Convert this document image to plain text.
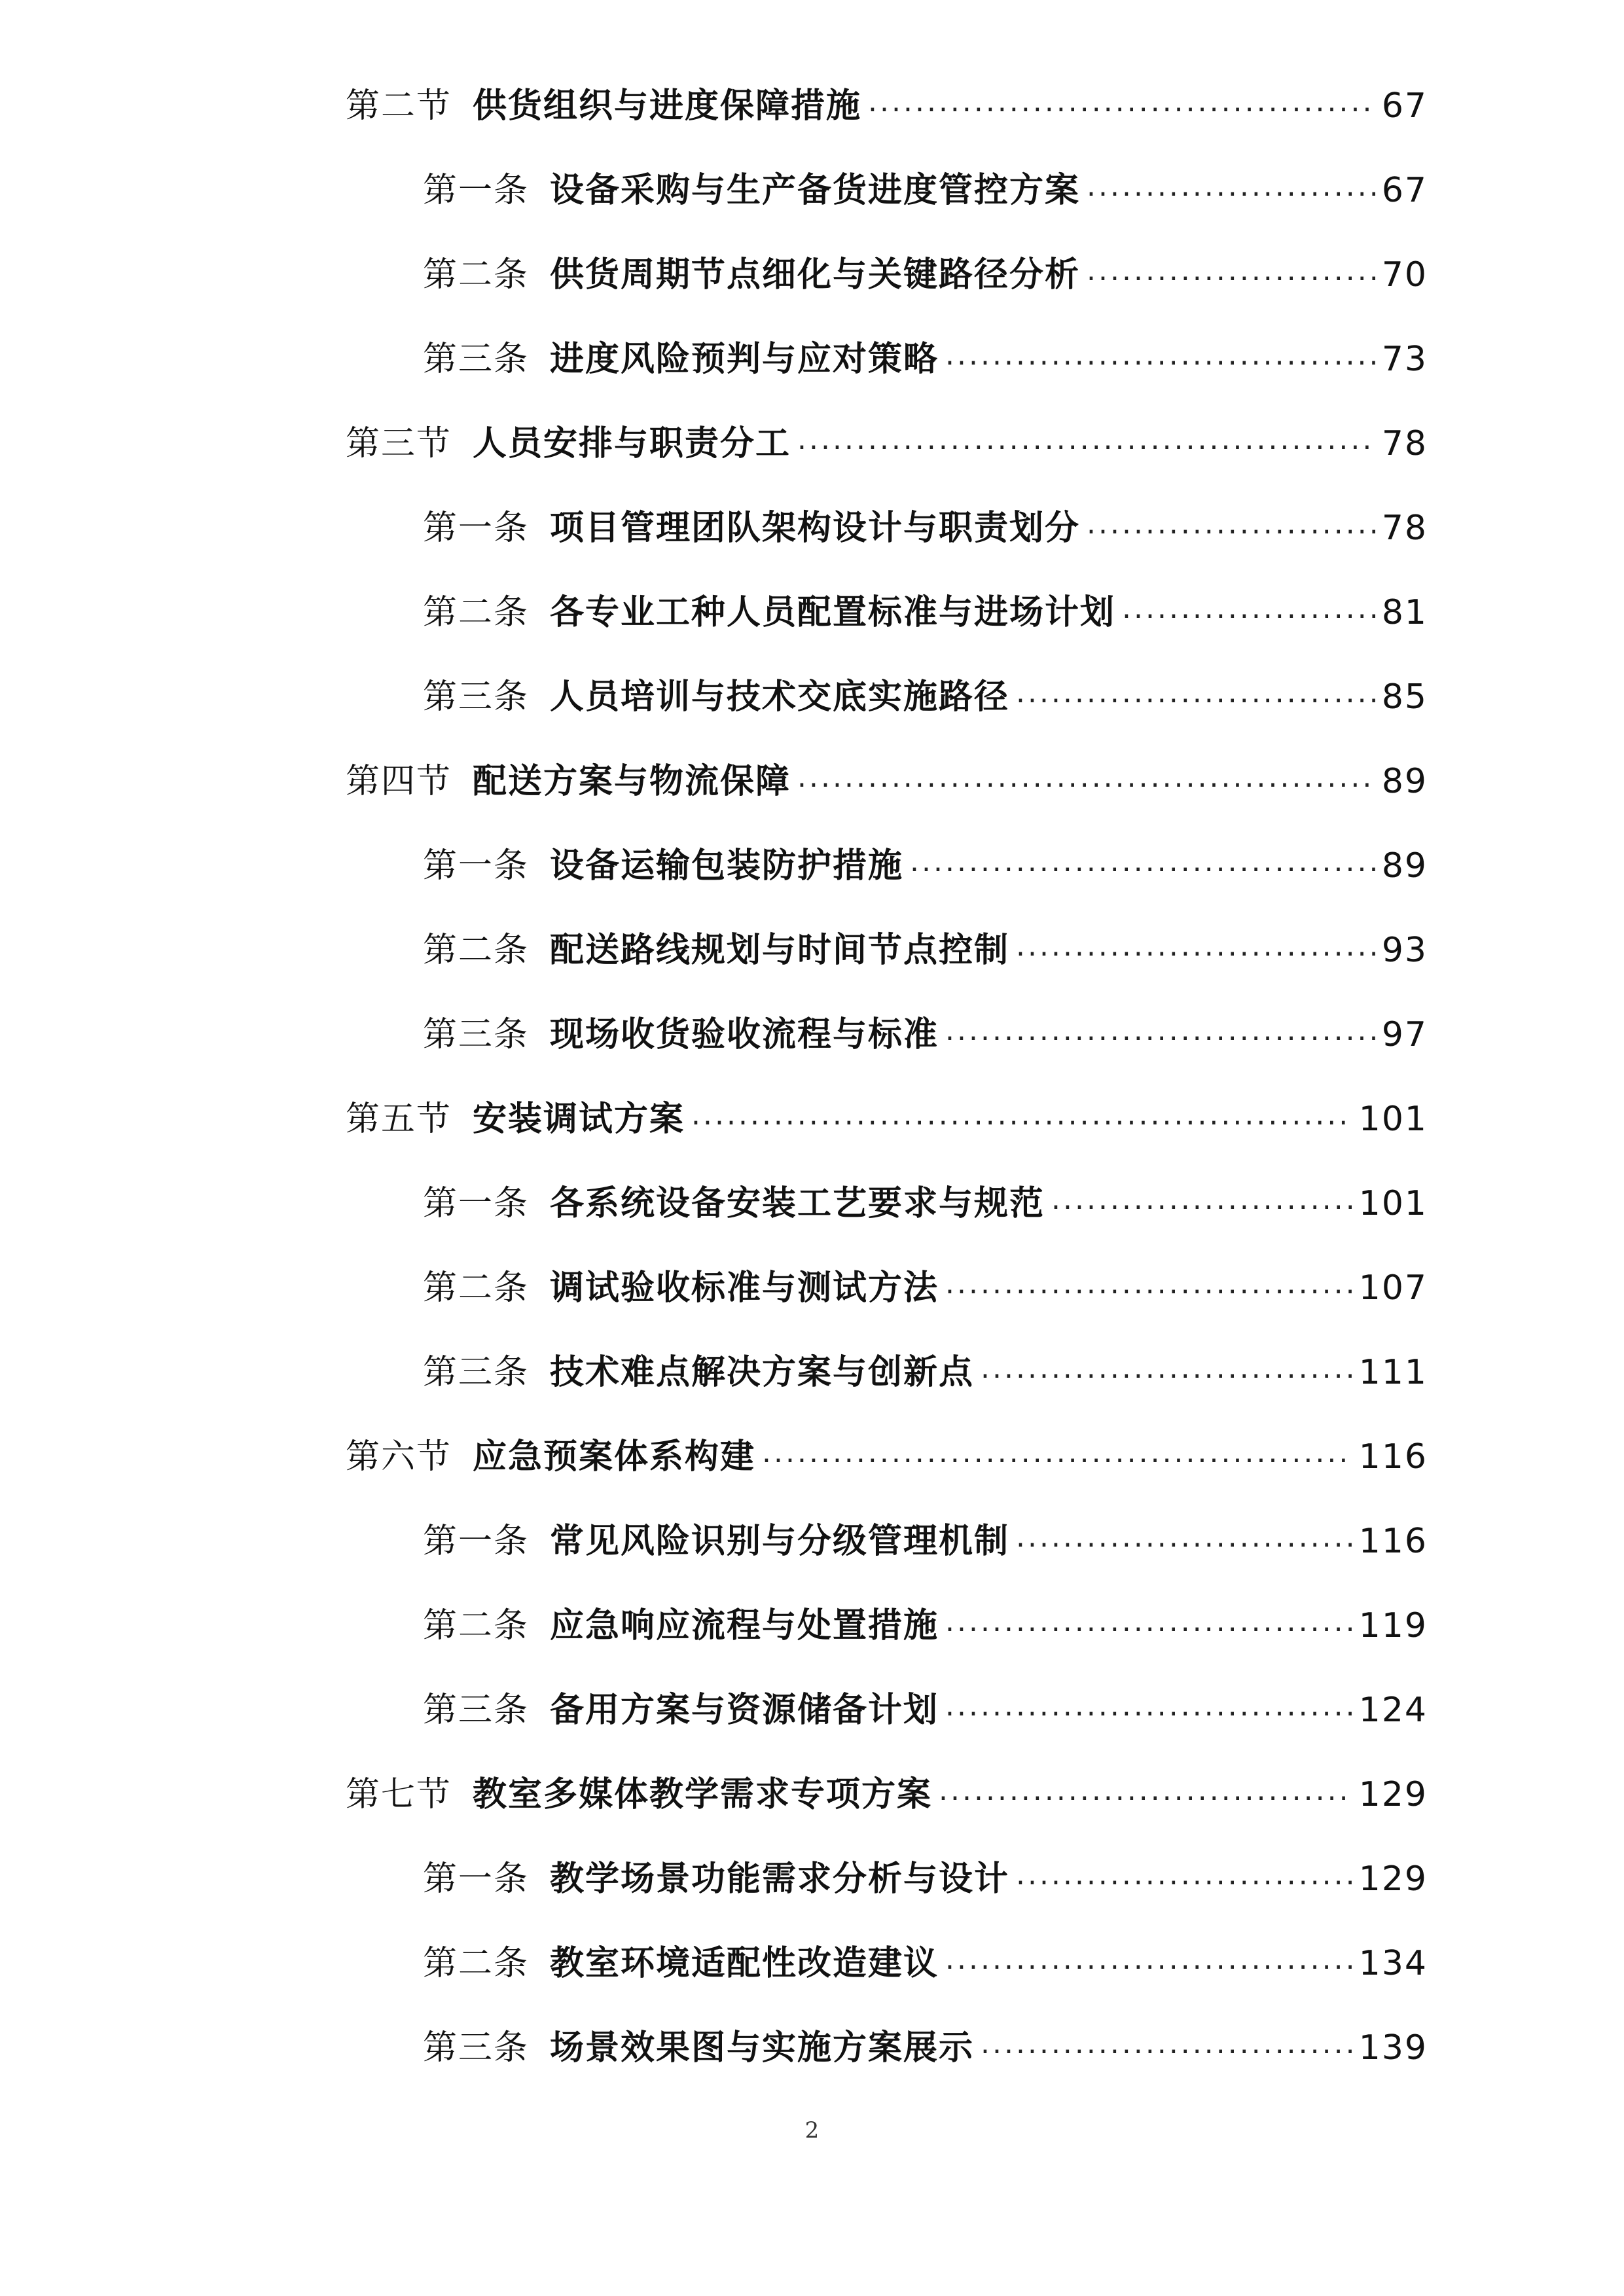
第二节 供货组织与进度保障措施 .....	67
第一条 设备采购与生产备货进度管控方案 .....	67
第二条 供货周期节点细化与关键路径分析 .....	70
第三条 进度风险预判与应对策略 .....	73
第三节 人员安排与职责分工 .....	78
第一条 项目管理团队架构设计与职责划分 .....	78
第二条 各专业工种人员配置标准与进场计划 .....	81
第三条 人员培训与技术交底实施路径 .....	85
第四节 配送方案与物流保障 .....	89
第一条 设备运输包装防护措施 .....	89
第二条 配送路线规划与时间节点控制 .....	93
第三条 现场收货验收流程与标准 .....	97
第五节 安装调试方案 .....	101
第一条 各系统设备安装工艺要求与规范 .....	101
第二条 调试验收标准与测试方法 .....	107
第三条 技术难点解决方案与创新点 .....	111
第六节 应急预案体系构建 .....	116
第一条 常见风险识别与分级管理机制 .....	116
第二条 应急响应流程与处置措施 .....	119
第三条 备用方案与资源储备计划 .....	124
第七节 教室多媒体教学需求专项方案 .....	129
第一条 教学场景功能需求分析与设计 .....	129
第二条 教室环境适配性改造建议 .....	134
第三条 场景效果图与实施方案展示 .....	139
2
